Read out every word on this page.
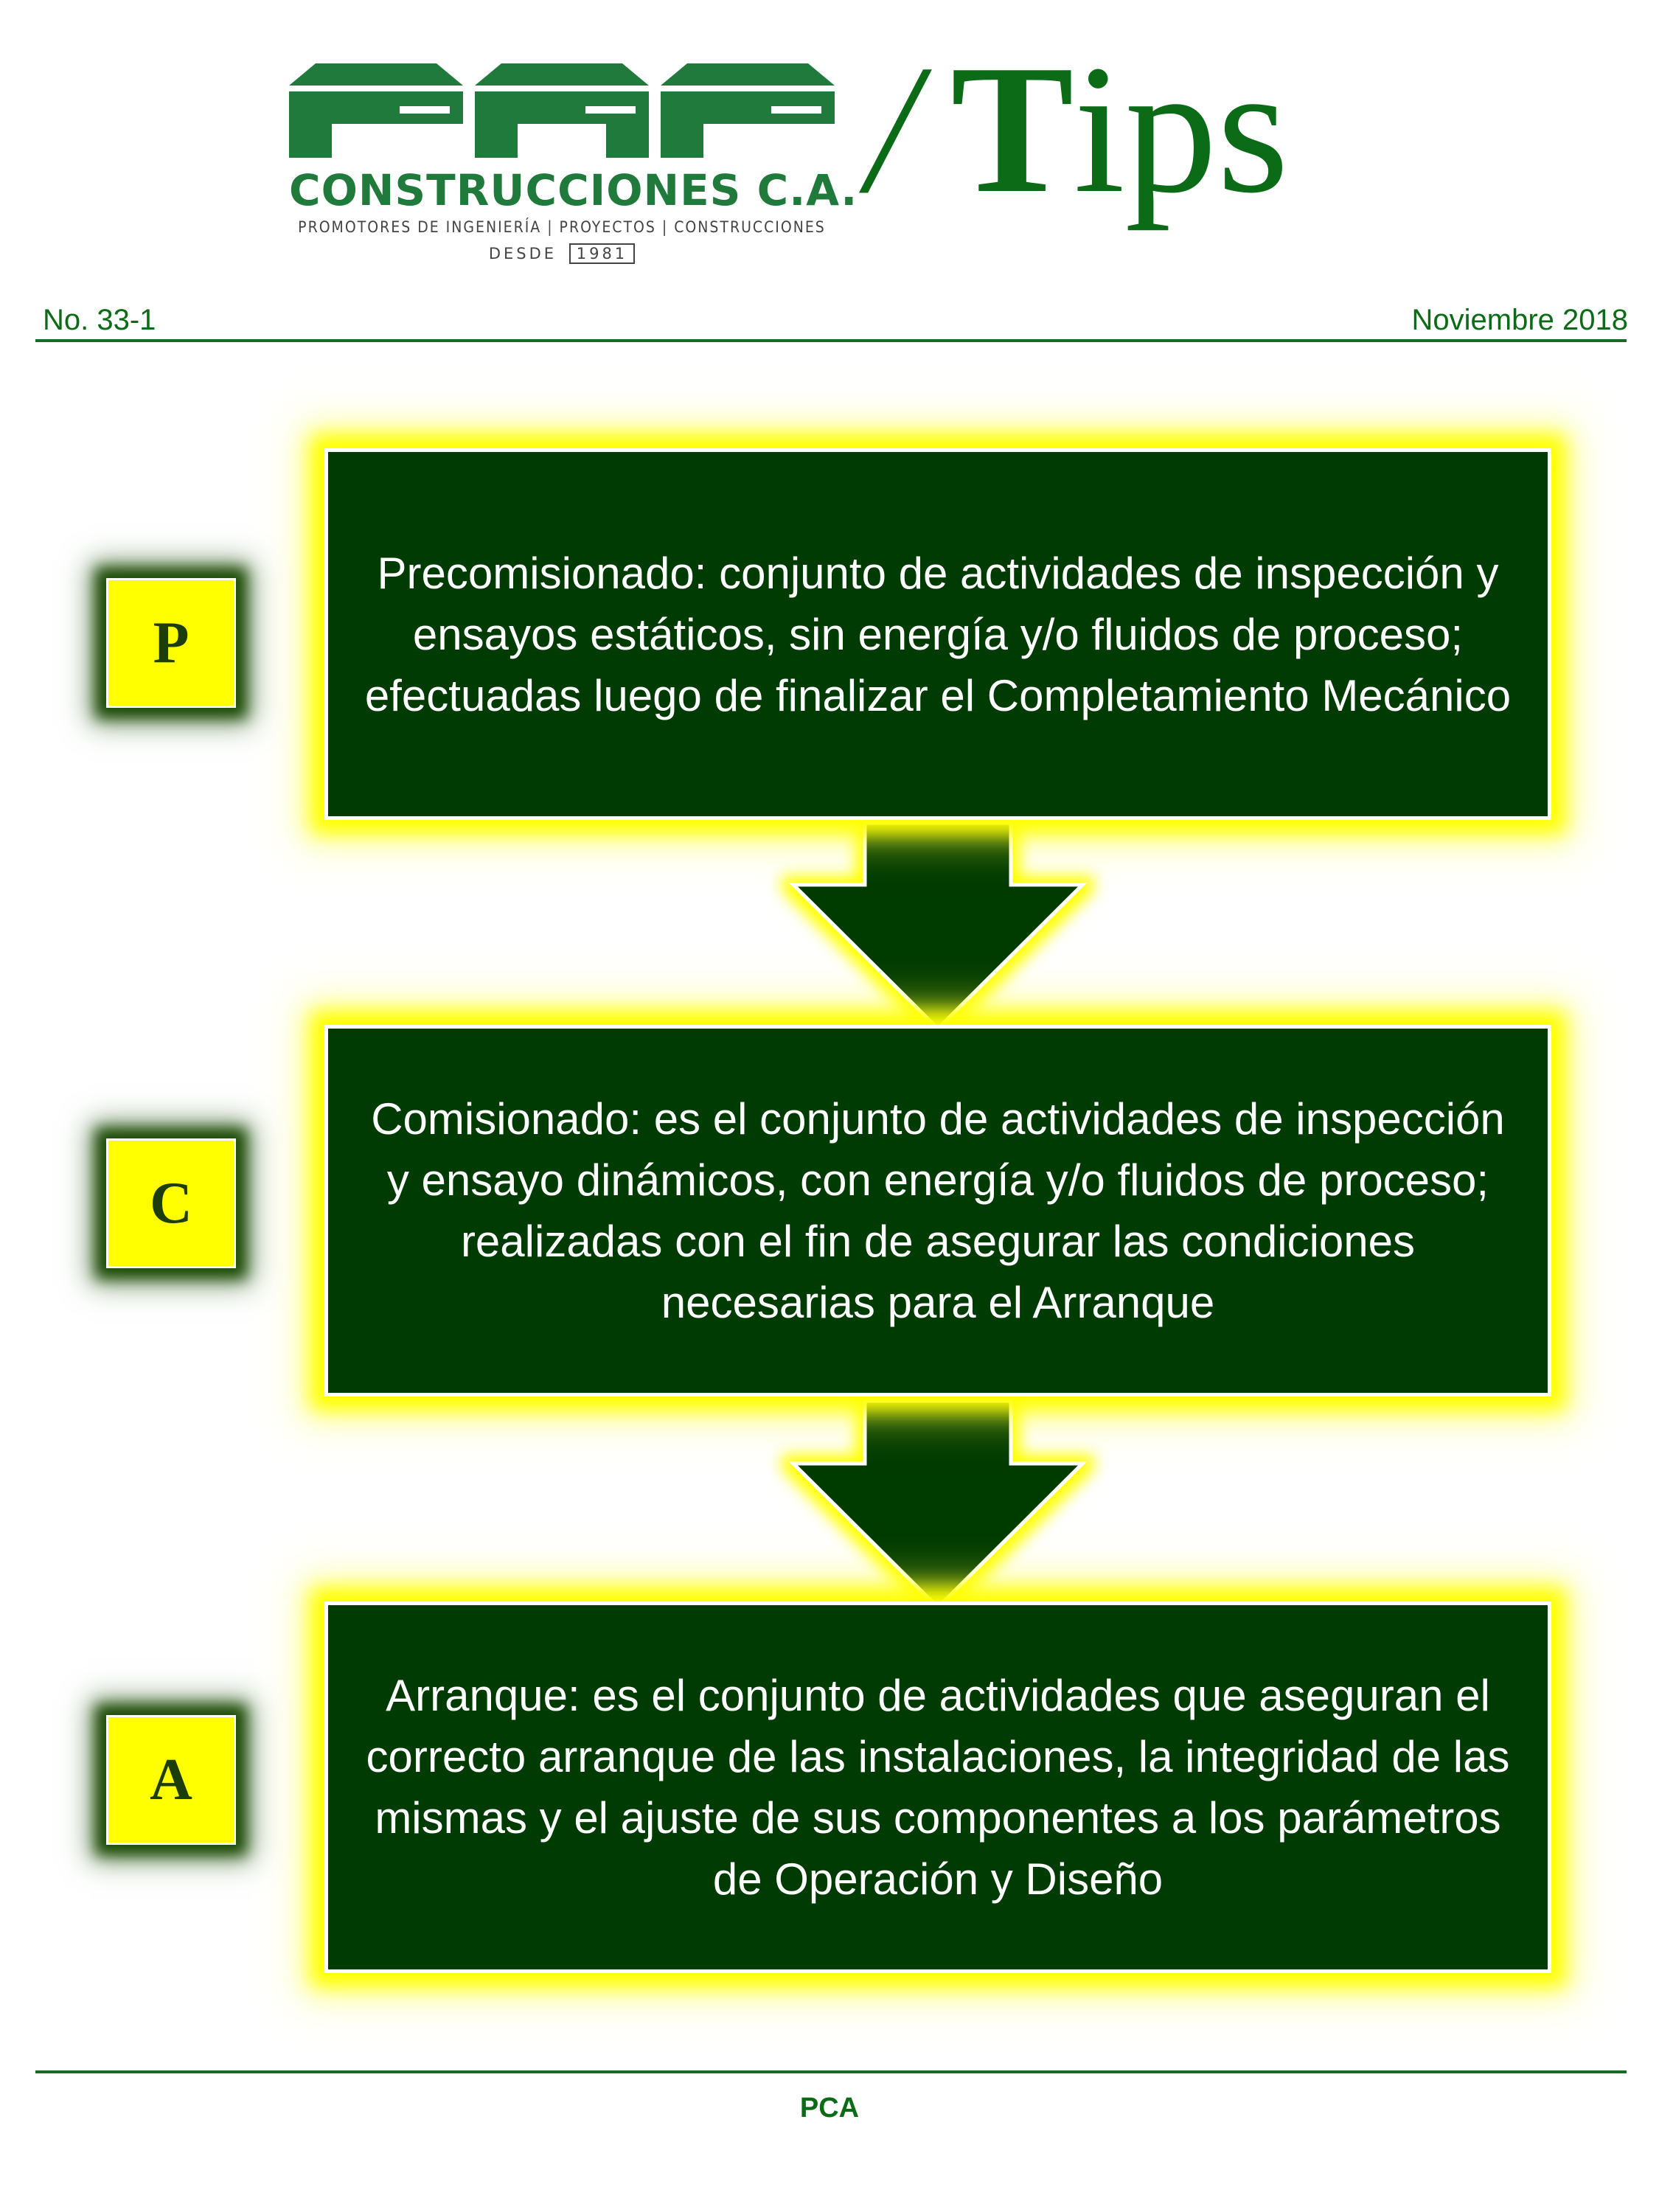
CONSTRUCCIONES C.A.
PROMOTORES DE INGENIERÍA | PROYECTOS | CONSTRUCCIONES
DESDE 1981
/Tips
No. 33-1	Noviembre 2018
Precomisionado: conjunto de actividades de inspección y ensayos estáticos, sin energía y/o fluidos de proceso; efectuadas luego de finalizar el Completamiento Mecánico
P
Comisionado: es el conjunto de actividades de inspección y ensayo dinámicos, con energía y/o fluidos de proceso; realizadas con el fin de asegurar las condiciones necesarias para el Arranque
C
Arranque: es el conjunto de actividades que aseguran el correcto arranque de las instalaciones, la integridad de las mismas y el ajuste de sus componentes a los parámetros de Operación y Diseño
A
PCA
